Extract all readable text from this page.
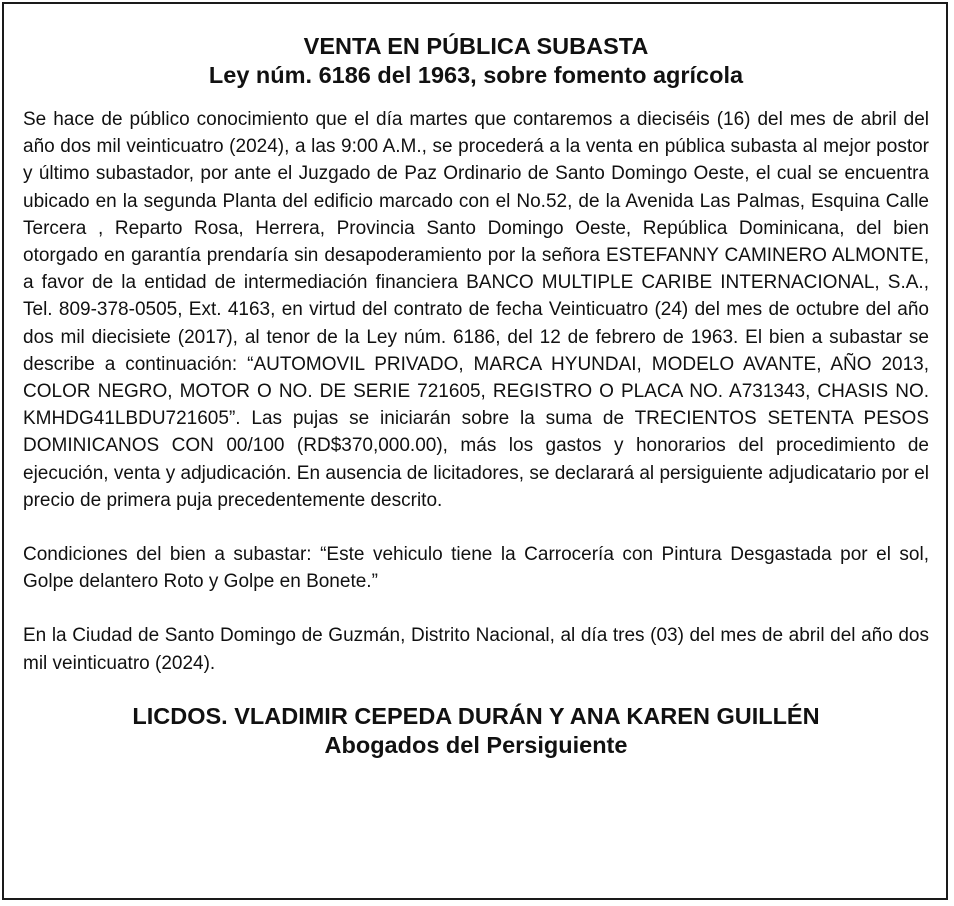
VENTA EN PÚBLICA SUBASTA
Ley núm. 6186 del 1963, sobre fomento agrícola

Se hace de público conocimiento que el día martes que contaremos a dieciséis (16) del mes de abril del año dos mil veinticuatro (2024), a las 9:00 A.M., se procederá a la venta en pública subasta al mejor postor y último subastador, por ante el Juzgado de Paz Ordinario de Santo Domingo Oeste, el cual se encuentra ubicado en la segunda Planta del edificio marcado con el No.52, de la Avenida Las Palmas, Esquina Calle Tercera , Reparto Rosa, Herrera, Provincia Santo Domingo Oeste, República Dominicana, del bien otorgado en garantía prendaría sin desapoderamiento por la señora ESTEFANNY CAMINERO ALMONTE, a favor de la entidad de intermediación financiera BANCO MULTIPLE CARIBE INTERNACIONAL, S.A., Tel. 809-378-0505, Ext. 4163, en virtud del contrato de fecha Veinticuatro (24) del mes de octubre del año dos mil diecisiete (2017), al tenor de la Ley núm. 6186, del 12 de febrero de 1963. El bien a subastar se describe a continuación: “AUTOMOVIL PRIVADO, MARCA HYUNDAI, MODELO AVANTE, AÑO 2013, COLOR NEGRO, MOTOR O NO. DE SERIE 721605, REGISTRO O PLACA NO. A731343, CHASIS NO. KMHDG41LBDU721605”. Las pujas se iniciarán sobre la suma de TRECIENTOS SETENTA PESOS DOMINICANOS CON 00/100 (RD$370,000.00), más los gastos y honorarios del procedimiento de ejecución, venta y adjudicación. En ausencia de licitadores, se declarará al persiguiente adjudicatario por el precio de primera puja precedentemente descrito.

Condiciones del bien a subastar: “Este vehiculo tiene la Carrocería con Pintura Desgastada por el sol, Golpe delantero Roto y Golpe en Bonete.”

En la Ciudad de Santo Domingo de Guzmán, Distrito Nacional, al día tres (03) del mes de abril del año dos mil veinticuatro (2024).

LICDOS. VLADIMIR CEPEDA DURÁN Y ANA KAREN GUILLÉN

Abogados del Persiguiente
